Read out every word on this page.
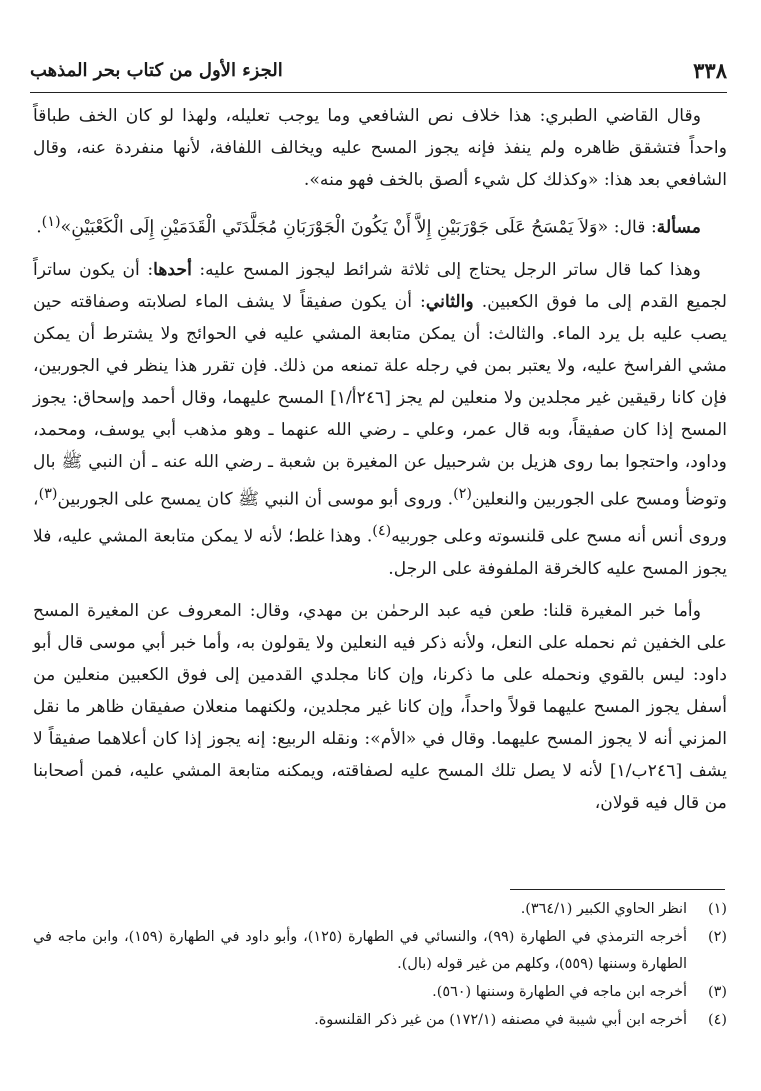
٣٣٨
الجزء الأول من كتاب بحر المذهب

وقال القاضي الطبري: هذا خلاف نص الشافعي وما يوجب تعليله، ولهذا لو كان الخف طباقاً واحداً فتشقق ظاهره ولم ينفذ فإنه يجوز المسح عليه ويخالف اللفافة، لأنها منفردة عنه، وقال الشافعي بعد هذا: «وكذلك كل شيء ألصق بالخف فهو منه».

مسألة: قال: «وَلاَ يَمْسَحُ عَلَى جَوْرَبَيْنِ إِلاَّ أَنْ يَكُونَ الْجَوْرَبَانِ مُجَلَّدَتَي الْقَدَمَيْنِ إِلَى الْكَعْبَيْنِ»$^{(١)}$.

وهذا كما قال ساتر الرجل يحتاج إلى ثلاثة شرائط ليجوز المسح عليه: أحدها: أن يكون ساتراً لجميع القدم إلى ما فوق الكعبين. والثاني: أن يكون صفيقاً لا يشف الماء لصلابته وصفاقته حين يصب عليه بل يرد الماء. والثالث: أن يمكن متابعة المشي عليه في الحوائج ولا يشترط أن يمكن مشي الفراسخ عليه، ولا يعتبر بمن في رجله علة تمنعه من ذلك. فإن تقرر هذا ينظر في الجوربين، فإن كانا رقيقين غير مجلدين ولا منعلين لم يجز [٢٤٦أ/١] المسح عليهما، وقال أحمد وإسحاق: يجوز المسح إذا كان صفيقاً، وبه قال عمر، وعلي ـ رضي الله عنهما ـ وهو مذهب أبي يوسف، ومحمد، وداود، واحتجوا بما روى هزيل بن شرحبيل عن المغيرة بن شعبة ـ رضي الله عنه ـ أن النبي ﷺ بال وتوضأ ومسح على الجوربين والنعلين$^{(٢)}$. وروى أبو موسى أن النبي ﷺ كان يمسح على الجوربين$^{(٣)}$، وروى أنس أنه مسح على قلنسوته وعلى جوربيه$^{(٤)}$. وهذا غلط؛ لأنه لا يمكن متابعة المشي عليه، فلا يجوز المسح عليه كالخرقة الملفوفة على الرجل.

وأما خبر المغيرة قلنا: طعن فيه عبد الرحمٰن بن مهدي، وقال: المعروف عن المغيرة المسح على الخفين ثم نحمله على النعل، ولأنه ذكر فيه النعلين ولا يقولون به، وأما خبر أبي موسى قال أبو داود: ليس بالقوي ونحمله على ما ذكرنا، وإن كانا مجلدي القدمين إلى فوق الكعبين منعلين من أسفل يجوز المسح عليهما قولاً واحداً، وإن كانا غير مجلدين، ولكنهما منعلان صفيقان ظاهر ما نقل المزني أنه لا يجوز المسح عليهما. وقال في «الأم»: ونقله الربيع: إنه يجوز إذا كان أعلاهما صفيقاً لا يشف [٢٤٦ب/١] لأنه لا يصل تلك المسح عليه لصفاقته، ويمكنه متابعة المشي عليه، فمن أصحابنا من قال فيه قولان،

(١)
انظر الحاوي الكبير (٣٦٤/١).
(٢)
أخرجه الترمذي في الطهارة (٩٩)، والنسائي في الطهارة (١٢٥)، وأبو داود في الطهارة (١٥٩)، وابن ماجه في الطهارة وسننها (٥٥٩)، وكلهم من غير قوله (بال).
(٣)
أخرجه ابن ماجه في الطهارة وسننها (٥٦٠).
(٤)
أخرجه ابن أبي شيبة في مصنفه (١٧٢/١) من غير ذكر القلنسوة.
